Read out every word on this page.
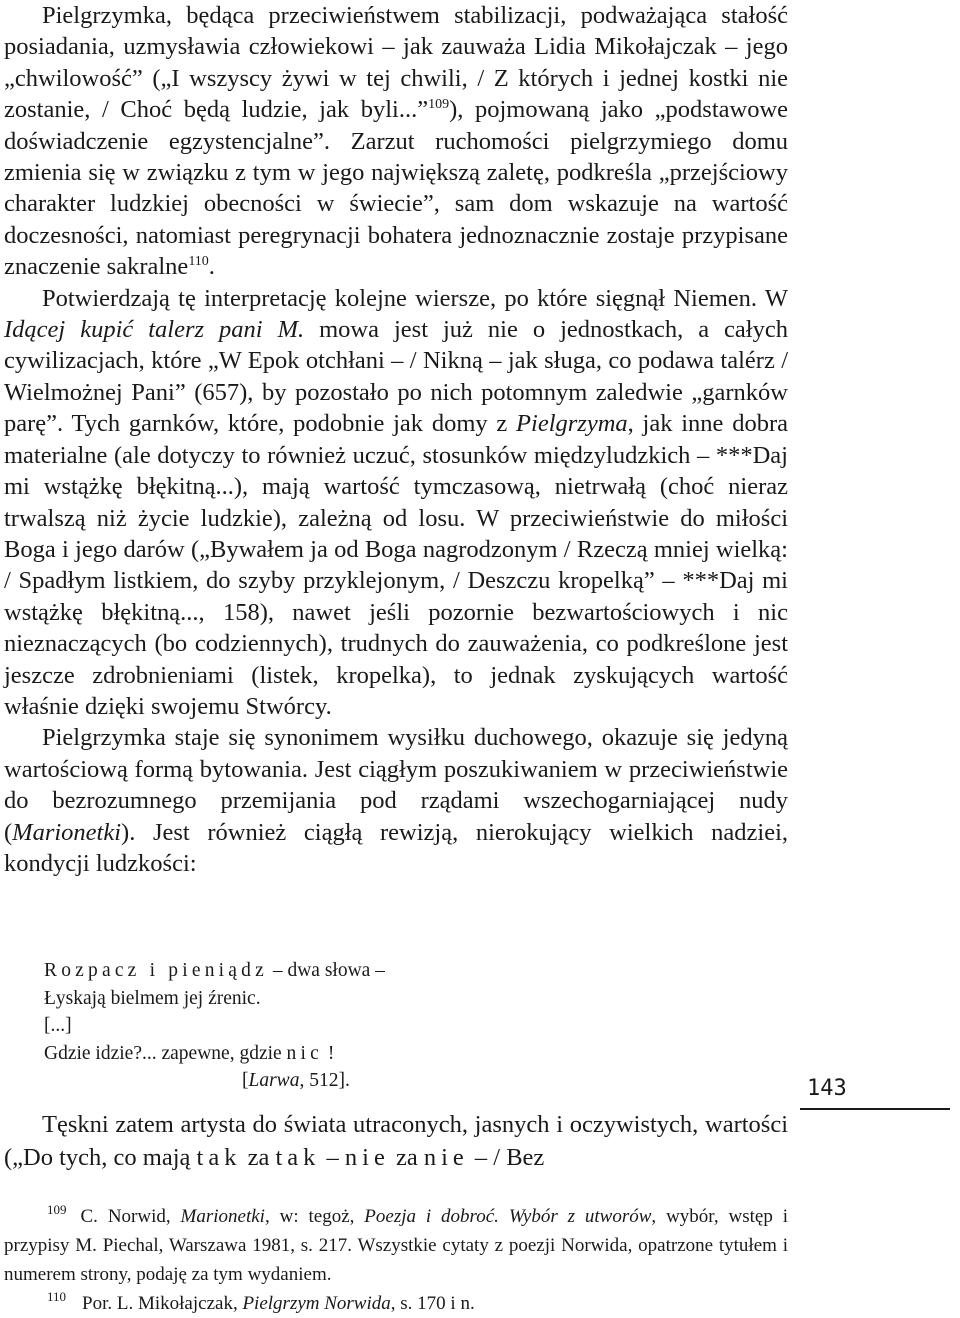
Pielgrzymka, będąca przeciwieństwem stabilizacji, podważająca stałość posiadania, uzmysławia człowiekowi – jak zauważa Lidia Mikołajczak – jego „chwilowość” („I wszyscy żywi w tej chwili, / Z których i jednej kostki nie zostanie, / Choć będą ludzie, jak byli...”$^{109}$), pojmowaną jako „podstawowe doświadczenie egzystencjalne”. Zarzut ruchomości pielgrzymiego domu zmienia się w związku z tym w jego największą zaletę, podkreśla „przejściowy charakter ludzkiej obecności w świecie”, sam dom wskazuje na wartość doczesności, natomiast peregrynacji bohatera jednoznacznie zostaje przypisane znaczenie sakralne$^{110}$.

Potwierdzają tę interpretację kolejne wiersze, po które sięgnął Niemen. W Idącej kupić talerz pani M. mowa jest już nie o jednostkach, a całych cywilizacjach, które „W Epok otchłani – / Nikną – jak sługa, co podawa talérz / Wielmożnej Pani” (657), by pozostało po nich potomnym zaledwie „garnków parę”. Tych garnków, które, podobnie jak domy z Pielgrzyma, jak inne dobra materialne (ale dotyczy to również uczuć, stosunków międzyludzkich – ***Daj mi wstążkę błękitną...), mają wartość tymczasową, nietrwałą (choć nieraz trwalszą niż życie ludzkie), zależną od losu. W przeciwieństwie do miłości Boga i jego darów („Bywałem ja od Boga nagrodzonym / Rzeczą mniej wielką: / Spadłym listkiem, do szyby przyklejonym, / Deszczu kropelką” – ***Daj mi wstążkę błękitną..., 158), nawet jeśli pozornie bezwartościowych i nic nieznaczących (bo codziennych), trudnych do zauważenia, co podkreślone jest jeszcze zdrobnieniami (listek, kropelka), to jednak zyskujących wartość właśnie dzięki swojemu Stwórcy.

Pielgrzymka staje się synonimem wysiłku duchowego, okazuje się jedyną wartościową formą bytowania. Jest ciągłym poszukiwaniem w przeciwieństwie do bezrozumnego przemijania pod rządami wszechogarniającej nudy (Marionetki). Jest również ciągłą rewizją, nierokujący wielkich nadziei, kondycji ludzkości:

Rozpacz i pieniądz – dwa słowa –
Łyskają bielmem jej źrenic.
[...]
Gdzie idzie?... zapewne, gdzie nic !
[Larwa, 512].
Tęskni zatem artysta do świata utraconych, jasnych i oczywistych, wartości („Do tych, co mają tak za tak – nie za nie – / Bez
143

$^{109}$ C. Norwid, Marionetki, w: tegoż, Poezja i dobroć. Wybór z utworów, wybór, wstęp i przypisy M. Piechal, Warszawa 1981, s. 217. Wszystkie cytaty z poezji Norwida, opatrzone tytułem i numerem strony, podaję za tym wydaniem.

$^{110}$ Por. L. Mikołajczak, Pielgrzym Norwida, s. 170 i n.
